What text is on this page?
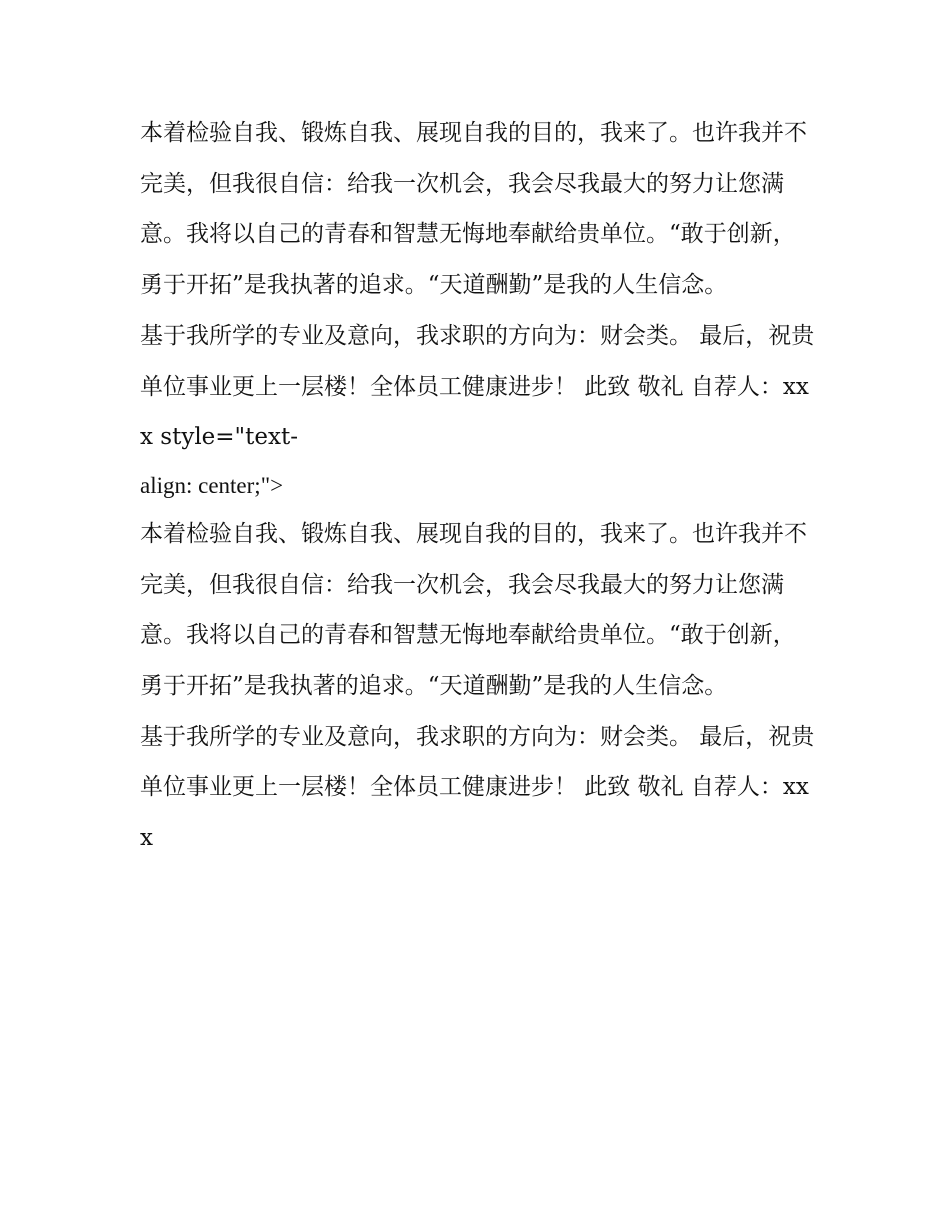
本着检验自我、锻炼自我、展现自我的目的，我来了。也许我并不完美，但我很自信：给我一次机会，我会尽我最大的努力让您满意。我将以自己的青春和智慧无悔地奉献给贵单位。“敢于创新，勇于开拓”是我执著的追求。“天道酬勤”是我的人生信念。

基于我所学的专业及意向，我求职的方向为：财会类。 最后，祝贵单位事业更上一层楼！全体员工健康进步！ 此致 敬礼 自荐人：xxx style="text-

align: center;">

本着检验自我、锻炼自我、展现自我的目的，我来了。也许我并不完美，但我很自信：给我一次机会，我会尽我最大的努力让您满意。我将以自己的青春和智慧无悔地奉献给贵单位。“敢于创新，勇于开拓”是我执著的追求。“天道酬勤”是我的人生信念。

基于我所学的专业及意向，我求职的方向为：财会类。 最后，祝贵单位事业更上一层楼！全体员工健康进步！ 此致 敬礼 自荐人：xxx
